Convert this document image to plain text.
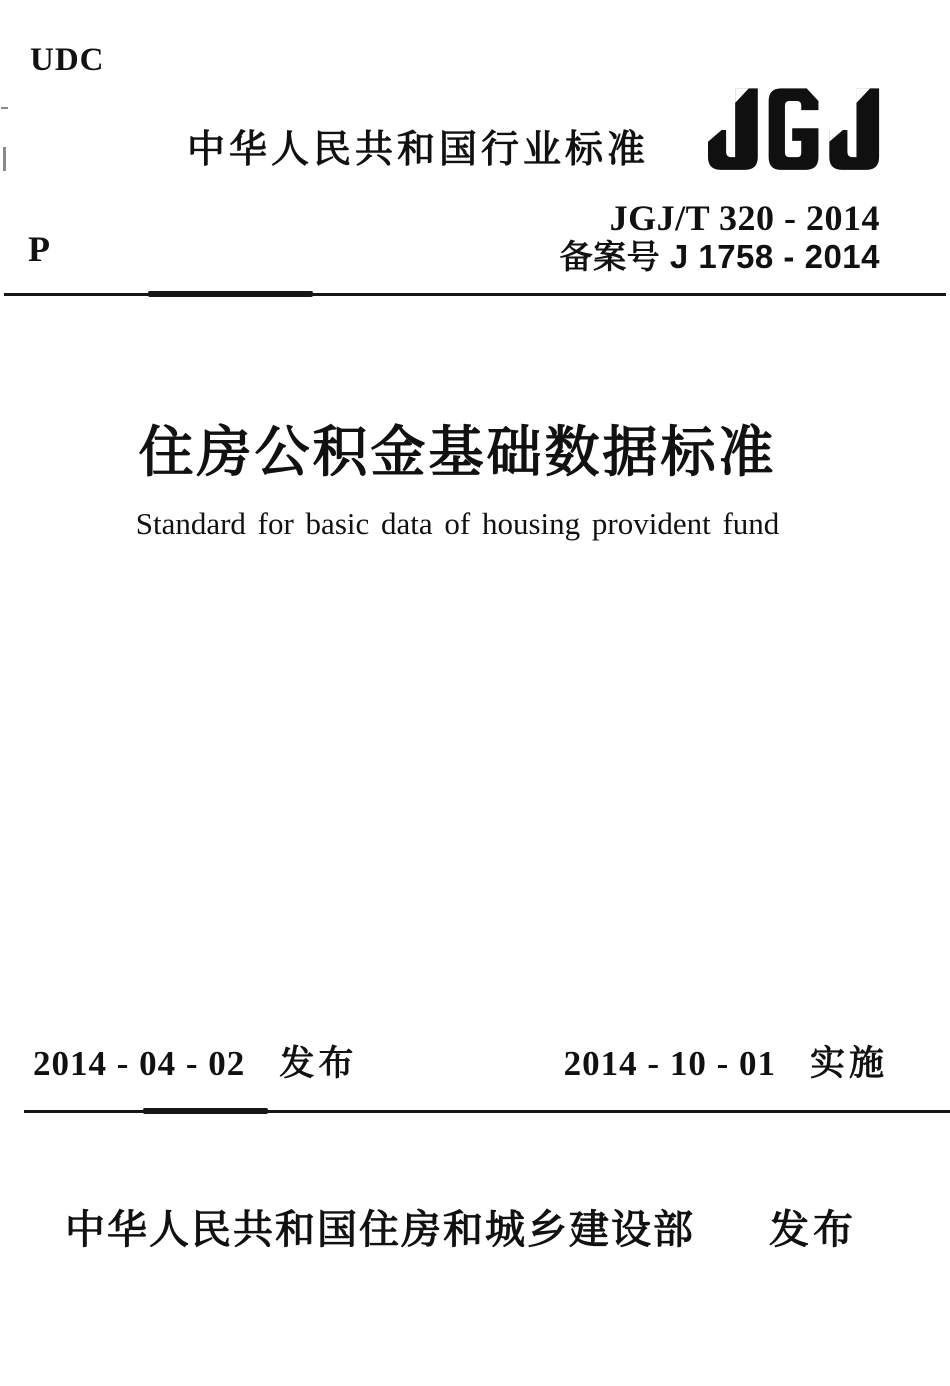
UDC
中华人民共和国行业标准
JGJ/T 320 - 2014
备案号 J 1758 - 2014
P
住房公积金基础数据标准
Standard for basic data of housing provident fund
2014 - 04 - 02 发布	2014 - 10 - 01 实施
中华人民共和国住房和城乡建设部 发布
